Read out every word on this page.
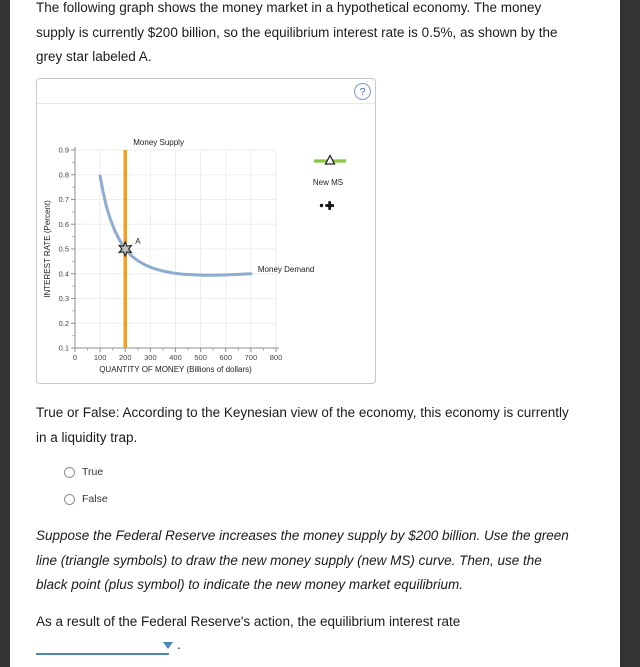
The following graph shows the money market in a hypothetical economy. The money
supply is currently $200 billion, so the equilibrium interest rate is 0.5%, as shown by the
grey star labeled A.

?
0 100 200 300 400 500 600 700 800
0.1
0.2
0.3
0.4
0.5
0.6
0.7
0.8
0.9
QUANTITY OF MONEY (Billions of dollars)
INTEREST RATE (Percent)
Money Supply
Money Demand
A
New MS

True or False: According to the Keynesian view of the economy, this economy is currently
in a liquidity trap.

True
False

Suppose the Federal Reserve increases the money supply by $200 billion. Use the green
line (triangle symbols) to draw the new money supply (new MS) curve. Then, use the
black point (plus symbol) to indicate the new money market equilibrium.

As a result of the Federal Reserve's action, the equilibrium interest rate

.
